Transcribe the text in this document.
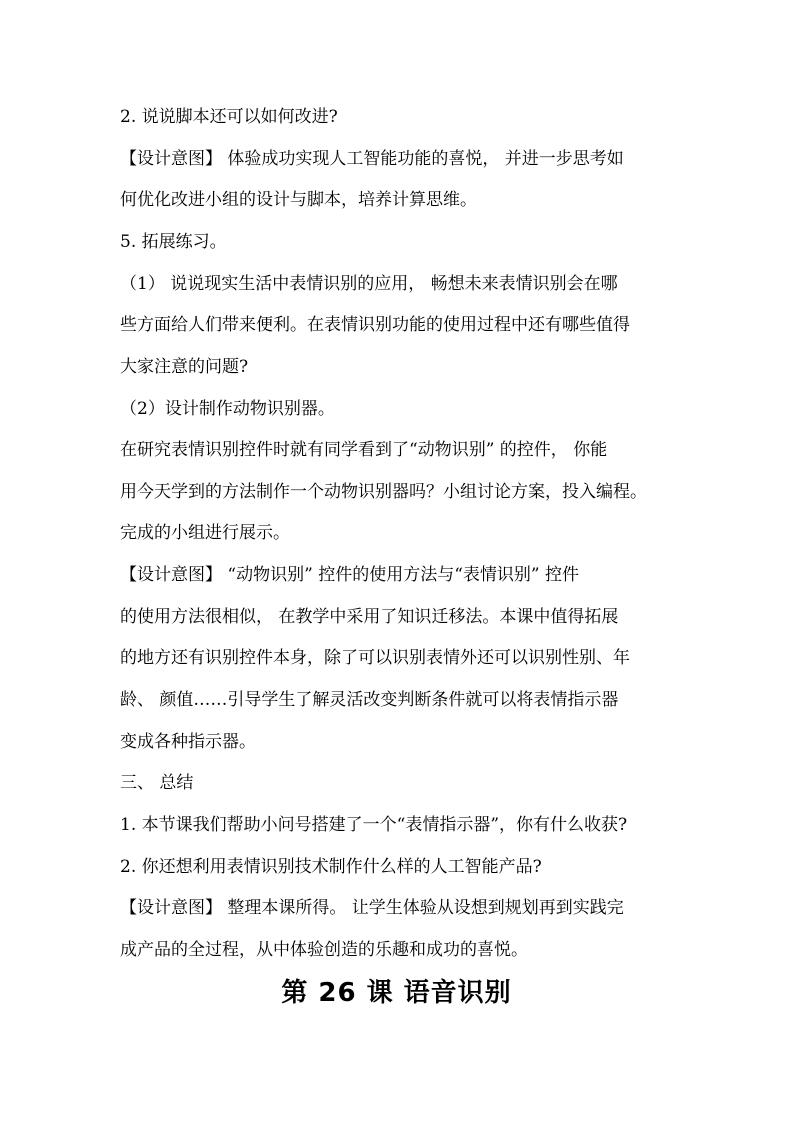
2. 说说脚本还可以如何改进?
【设计意图】 体验成功实现人工智能功能的喜悦， 并进一步思考如
何优化改进小组的设计与脚本，培养计算思维。
5. 拓展练习。
（1） 说说现实生活中表情识别的应用， 畅想未来表情识别会在哪
些方面给人们带来便利。在表情识别功能的使用过程中还有哪些值得
大家注意的问题?
（2）设计制作动物识别器。
在研究表情识别控件时就有同学看到了“动物识别” 的控件， 你能
用今天学到的方法制作一个动物识别器吗？小组讨论方案，投入编程。
完成的小组进行展示。
【设计意图】 “动物识别” 控件的使用方法与“表情识别” 控件
的使用方法很相似， 在教学中采用了知识迁移法。本课中值得拓展
的地方还有识别控件本身，除了可以识别表情外还可以识别性别、年
龄、 颜值……引导学生了解灵活改变判断条件就可以将表情指示器
变成各种指示器。
三、 总结
1. 本节课我们帮助小问号搭建了一个“表情指示器”，你有什么收获?
2. 你还想利用表情识别技术制作什么样的人工智能产品?
【设计意图】 整理本课所得。 让学生体验从设想到规划再到实践完
成产品的全过程，从中体验创造的乐趣和成功的喜悦。
第 26 课 语音识别
